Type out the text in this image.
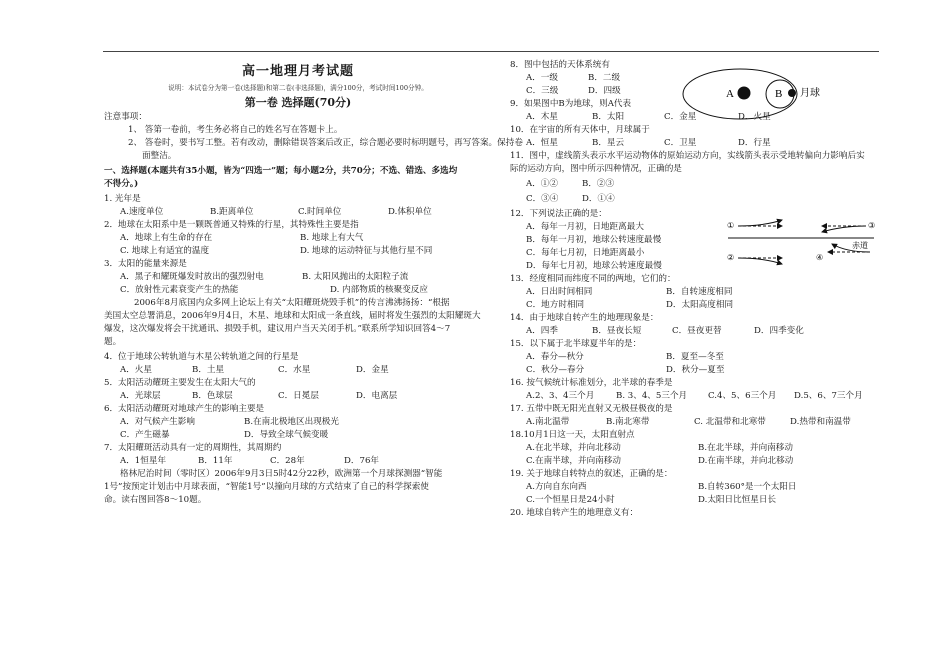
高一地理月考试题
说明：本试卷分为第一卷(选择题)和第二卷(非选择题)，满分100分，考试时间100分钟。
第一卷 选择题(70分)
注意事项：
1、 答第一卷前，考生务必将自己的姓名写在答题卡上。
2、 答卷时，要书写工整。若有改动，删除错误答案后改正，综合题必要时标明题号，再写答案。保持卷
面整洁。
一、选择题(本题共有35小题，皆为“四选一”题；每小题2分，共70分；不选、错选、多选均
不得分。)
1. 光年是
A.速度单位	B.距离单位	C.时间单位	D.体积单位
2．地球在太阳系中是一颗既普通又特殊的行星，其特殊性主要是指
A．地球上有生命的存在	B. 地球上有大气
C. 地球上有适宜的温度	D. 地球的运动特征与其他行星不同
3．太阳的能量来源是
A．黑子和耀斑爆发时放出的强烈射电	B. 太阳风抛出的太阳粒子流
C．放射性元素衰变产生的热能	D. 内部物质的核聚变反应
2006年8月底国内众多网上论坛上有关“太阳耀斑烧毁手机”的传言沸沸扬扬：“根据
美国太空总署消息，2006年9月4日，木星、地球和太阳成一条直线，届时将发生强烈的太阳耀斑大
爆发，这次爆发将会干扰通讯、损毁手机，建议用户当天关闭手机。”联系所学知识回答4～7
题。
4．位于地球公转轨道与木星公转轨道之间的行星是
A．火星	B．土星	C．水星	D．金星
5．太阳活动耀斑主要发生在太阳大气的
A．光球层	B．色球层	C．日冕层	D．电离层
6．太阳活动耀斑对地球产生的影响主要是
A．对气候产生影响	B.在南北极地区出现极光
C．产生磁暴	D．导致全球气候变暖
7．太阳耀斑活动具有一定的周期性，其周期约
A．1恒星年	B．11年	C．28年	D．76年
格林尼治时间（零时区）2006年9月3日5时42分22秒，欧洲第一个月球探测器“智能
1号”按预定计划击中月球表面，“智能1号”以撞向月球的方式结束了自己的科学探索使
命。读右图回答8～10题。
8．图中包括的天体系统有
A．一级	B．二级
C．三级	D．四级
9．如果图中B为地球，则A代表
A．木星	B．太阳	C．金星	D．火星
10．在宇宙的所有天体中，月球属于
A．恒星	B．星云	C．卫星	D．行星
11．图中，虚线箭头表示水平运动物体的原始运动方向，实线箭头表示受地转偏向力影响后实
际的运动方向，图中所示四种情况，正确的是
A．①②	B．②③
C．③④	D．①④
12．下列说法正确的是：
A．每年一月初，日地距离最大
B．每年一月初，地球公转速度最慢
C．每年七月初，日地距离最小
D．每年七月初，地球公转速度最慢
13．经度相同而纬度不同的两地，它们的：
A．日出时间相同	B．自转速度相同
C．地方时相同	D．太阳高度相同
14．由于地球自转产生的地理现象是：
A．四季	B．昼夜长短	C．昼夜更替	D．四季变化
15．以下属于北半球夏半年的是：
A．春分—秋分	B．夏至—冬至
C．秋分—春分	D．秋分—夏至
16. 按气候统计标准划分，北半球的春季是
A.2、3、4三个月	B. 3、4、5三个月	C.4、5、6三个月	D.5、6、7三个月
17. 五带中既无阳光直射又无极昼极夜的是
A.南北温带	B.南北寒带	C. 北温带和北寒带	D.热带和南温带
18.10月1日这一天，太阳直射点
A.在北半球，并向北移动	B.在北半球，并向南移动
C.在南半球，并向南移动	D.在南半球，并向北移动
19. 关于地球自转特点的叙述，正确的是：
A.方向自东向西	B.自转360°是一个太阳日
C.一个恒星日是24小时	D.太阳日比恒星日长
20. 地球自转产生的地理意义有：
A	B 月球
赤道
①	③
②	④
